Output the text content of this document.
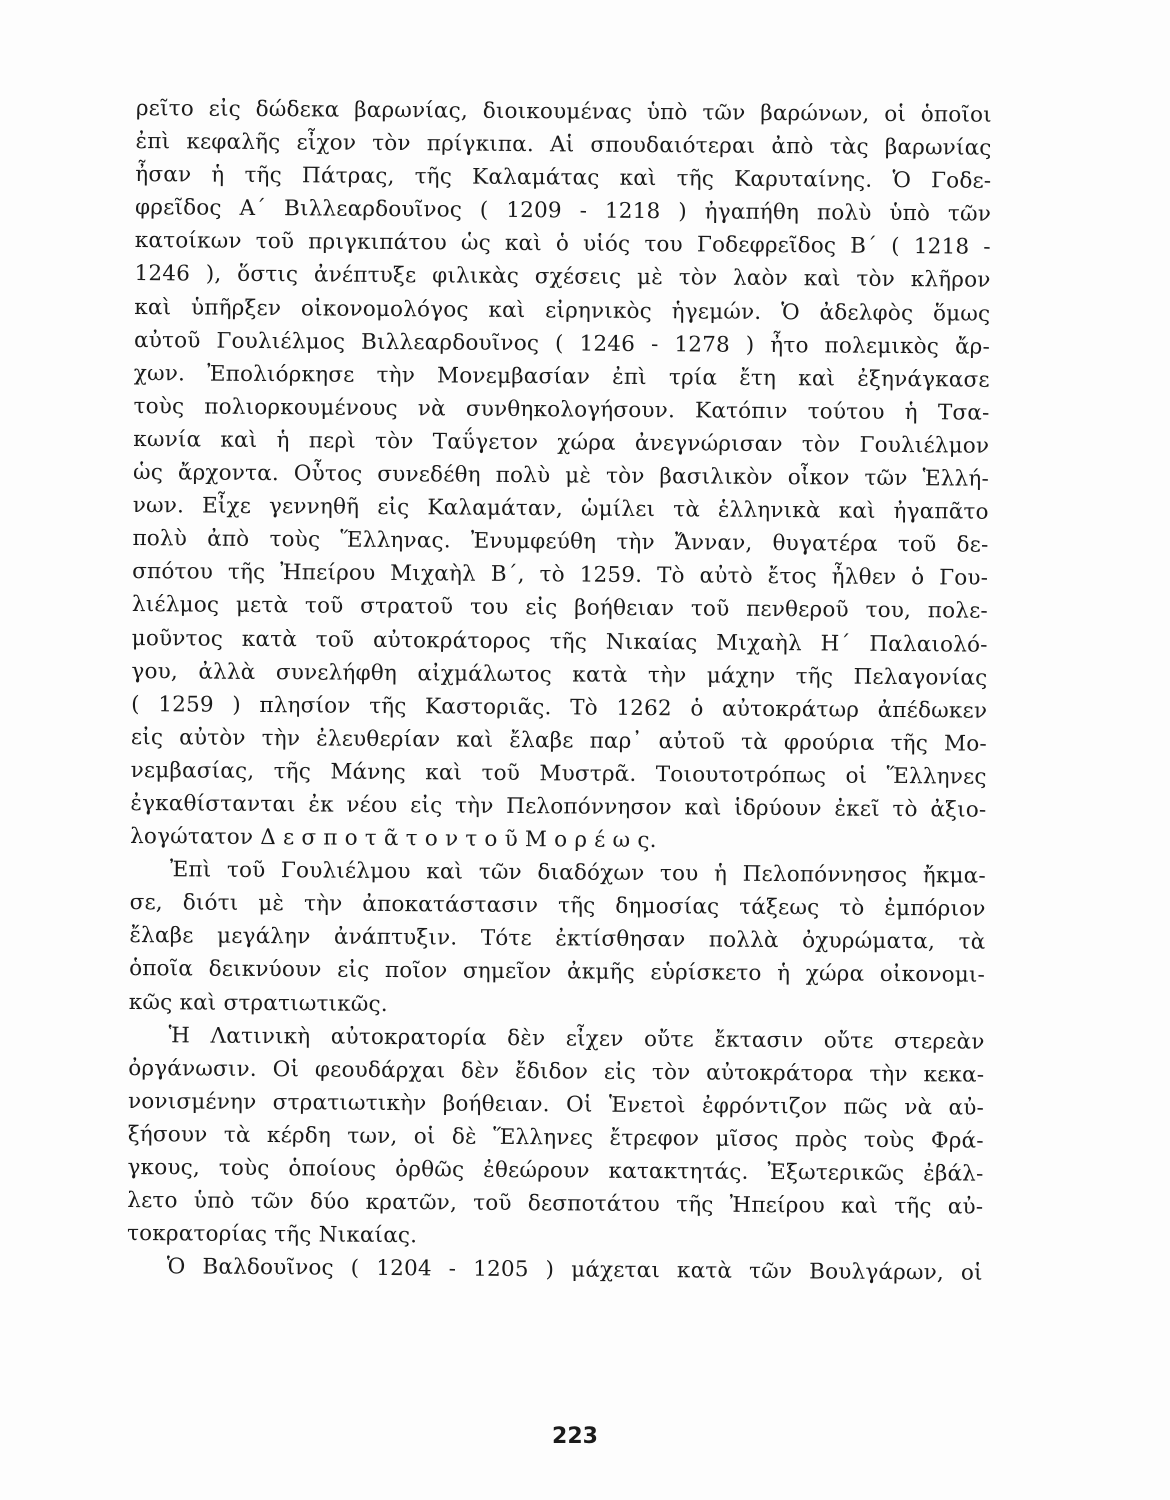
ρεῖτο εἰς δώδεκα βαρωνίας, διοικουμένας ὑπὸ τῶν βαρώνων, οἱ ὁποῖοι
ἐπὶ κεφαλῆς εἶχον τὸν πρίγκιπα. Αἱ σπουδαιότεραι ἀπὸ τὰς βαρωνίας
ἦσαν ἡ τῆς Πάτρας, τῆς Καλαμάτας καὶ τῆς Καρυταίνης. Ὁ Γοδε-
φρεῖδος Α΄ Βιλλεαρδουῖνος ( 1209 - 1218 ) ἠγαπήθη πολὺ ὑπὸ τῶν
κατοίκων τοῦ πριγκιπάτου ὡς καὶ ὁ υἱός του Γοδεφρεῖδος Β΄ ( 1218 -
1246 ), ὅστις ἀνέπτυξε φιλικὰς σχέσεις μὲ τὸν λαὸν καὶ τὸν κλῆρον
καὶ ὑπῆρξεν οἰκονομολόγος καὶ εἰρηνικὸς ἡγεμών. Ὁ ἀδελφὸς ὅμως
αὐτοῦ Γουλιέλμος Βιλλεαρδουῖνος ( 1246 - 1278 ) ἦτο πολεμικὸς ἄρ-
χων. Ἐπολιόρκησε τὴν Μονεμβασίαν ἐπὶ τρία ἔτη καὶ ἐξηνάγκασε
τοὺς πολιορκουμένους νὰ συνθηκολογήσουν. Κατόπιν τούτου ἡ Τσα-
κωνία καὶ ἡ περὶ τὸν Ταΰγετον χώρα ἀνεγνώρισαν τὸν Γουλιέλμον
ὡς ἄρχοντα. Οὗτος συνεδέθη πολὺ μὲ τὸν βασιλικὸν οἶκον τῶν Ἑλλή-
νων. Εἶχε γεννηθῆ εἰς Καλαμάταν, ὡμίλει τὰ ἑλληνικὰ καὶ ἠγαπᾶτο
πολὺ ἀπὸ τοὺς Ἕλληνας. Ἐνυμφεύθη τὴν Ἄνναν, θυγατέρα τοῦ δε-
σπότου τῆς Ἠπείρου Μιχαὴλ Β΄, τὸ 1259. Τὸ αὐτὸ ἔτος ἦλθεν ὁ Γου-
λιέλμος μετὰ τοῦ στρατοῦ του εἰς βοήθειαν τοῦ πενθεροῦ του, πολε-
μοῦντος κατὰ τοῦ αὐτοκράτορος τῆς Νικαίας Μιχαὴλ Η΄ Παλαιολό-
γου, ἀλλὰ συνελήφθη αἰχμάλωτος κατὰ τὴν μάχην τῆς Πελαγονίας
( 1259 ) πλησίον τῆς Καστοριᾶς. Τὸ 1262 ὁ αὐτοκράτωρ ἀπέδωκεν
εἰς αὐτὸν τὴν ἐλευθερίαν καὶ ἔλαβε παρ᾿ αὐτοῦ τὰ φρούρια τῆς Μο-
νεμβασίας, τῆς Μάνης καὶ τοῦ Μυστρᾶ. Τοιουτοτρόπως οἱ Ἕλληνες
ἐγκαθίστανται ἐκ νέου εἰς τὴν Πελοπόννησον καὶ ἱδρύουν ἐκεῖ τὸ ἀξιο-
λογώτατον Δ ε σ π ο τ ᾶ τ ο ν τ ο ῦ Μ ο ρ έ ω ς.
Ἐπὶ τοῦ Γουλιέλμου καὶ τῶν διαδόχων του ἡ Πελοπόννησος ἤκμα-
σε, διότι μὲ τὴν ἀποκατάστασιν τῆς δημοσίας τάξεως τὸ ἐμπόριον
ἔλαβε μεγάλην ἀνάπτυξιν. Τότε ἐκτίσθησαν πολλὰ ὀχυρώματα, τὰ
ὁποῖα δεικνύουν εἰς ποῖον σημεῖον ἀκμῆς εὑρίσκετο ἡ χώρα οἰκονομι-
κῶς καὶ στρατιωτικῶς.
Ἡ Λατινικὴ αὐτοκρατορία δὲν εἶχεν οὔτε ἔκτασιν οὔτε στερεὰν
ὀργάνωσιν. Οἱ φεουδάρχαι δὲν ἔδιδον εἰς τὸν αὐτοκράτορα τὴν κεκα-
νονισμένην στρατιωτικὴν βοήθειαν. Οἱ Ἑνετοὶ ἐφρόντιζον πῶς νὰ αὐ-
ξήσουν τὰ κέρδη των, οἱ δὲ Ἕλληνες ἔτρεφον μῖσος πρὸς τοὺς Φρά-
γκους, τοὺς ὁποίους ὀρθῶς ἐθεώρουν κατακτητάς. Ἐξωτερικῶς ἐβάλ-
λετο ὑπὸ τῶν δύο κρατῶν, τοῦ δεσποτάτου τῆς Ἠπείρου καὶ τῆς αὐ-
τοκρατορίας τῆς Νικαίας.
Ὁ Βαλδουῖνος ( 1204 - 1205 ) μάχεται κατὰ τῶν Βουλγάρων, οἱ
223
